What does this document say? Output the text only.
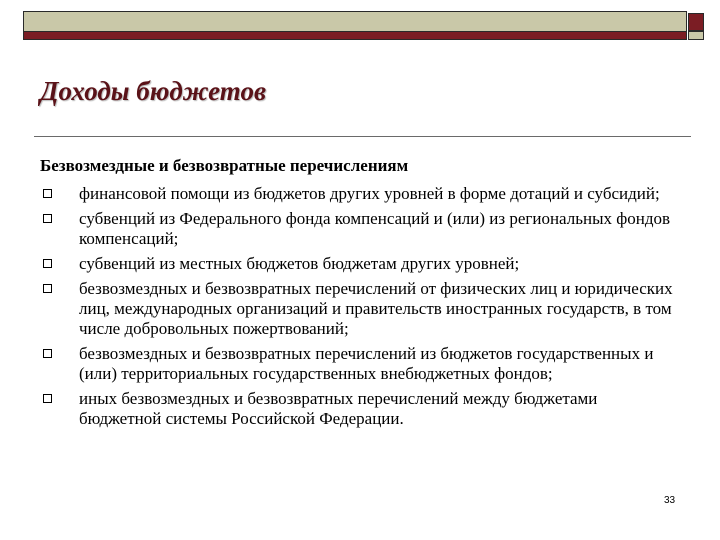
Доходы бюджетов
Безвозмездные и безвозвратные перечислениям
финансовой помощи из бюджетов других уровней в форме дотаций и субсидий;
субвенций из Федерального фонда компенсаций и (или) из региональных фондов компенсаций;
субвенций из местных бюджетов бюджетам других уровней;
безвозмездных и безвозвратных перечислений от физических лиц и юридических лиц, международных организаций и правительств иностранных государств, в том числе добровольных пожертвований;
безвозмездных и безвозвратных перечислений из бюджетов государственных и (или) территориальных государственных внебюджетных фондов;
иных безвозмездных и безвозвратных перечислений между бюджетами бюджетной системы Российской Федерации.
33
